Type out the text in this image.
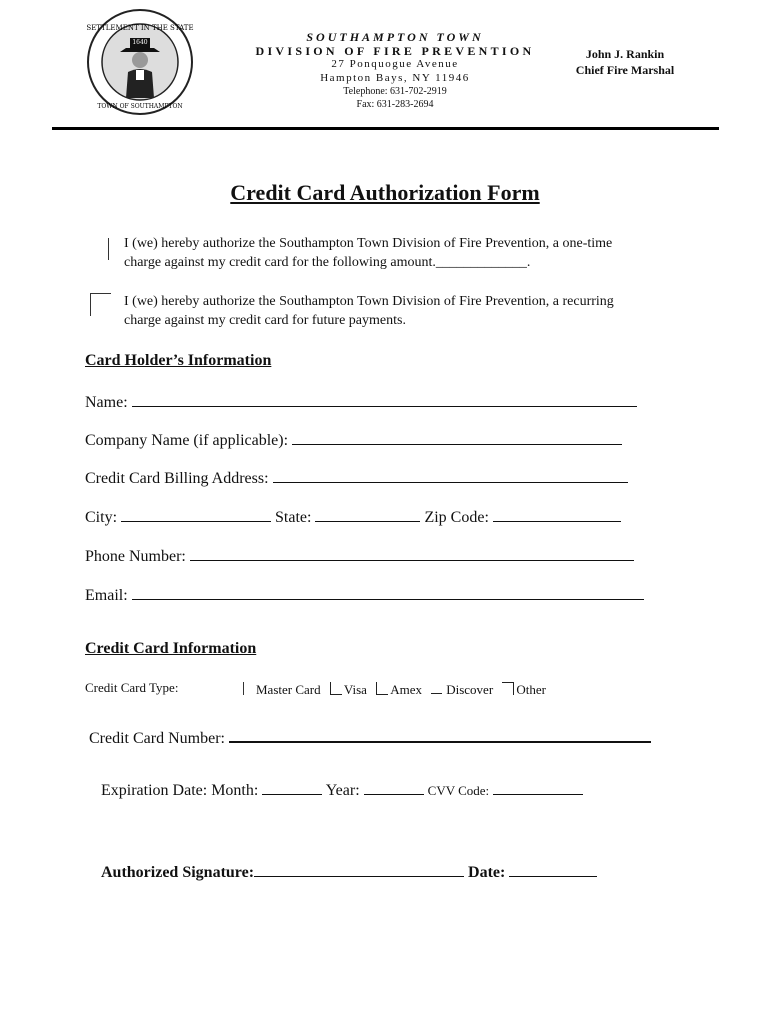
SETTLEMENT IN THE STATE
1640
TOWN OF SOUTHAMPTON
SOUTHAMPTON TOWN
DIVISION OF FIRE PREVENTION
27 Ponquogue Avenue
Hampton Bays, NY 11946
Telephone: 631-702-2919
Fax: 631-283-2694
John J. Rankin
Chief Fire Marshal
Credit Card Authorization Form
I (we) hereby authorize the Southampton Town Division of Fire Prevention, a one-time charge against my credit card for the following amount._____________.
I (we) hereby authorize the Southampton Town Division of Fire Prevention, a recurring charge against my credit card for future payments.
Card Holder’s Information
Name:
Company Name (if applicable):
Credit Card Billing Address:
City:	State:	Zip Code:
Phone Number:
Email:
Credit Card Information
Credit Card Type:	Master Card Visa Amex Discover Other
Credit Card Number:
Expiration Date: Month:	Year:	CVV Code:
Authorized Signature:	Date:
